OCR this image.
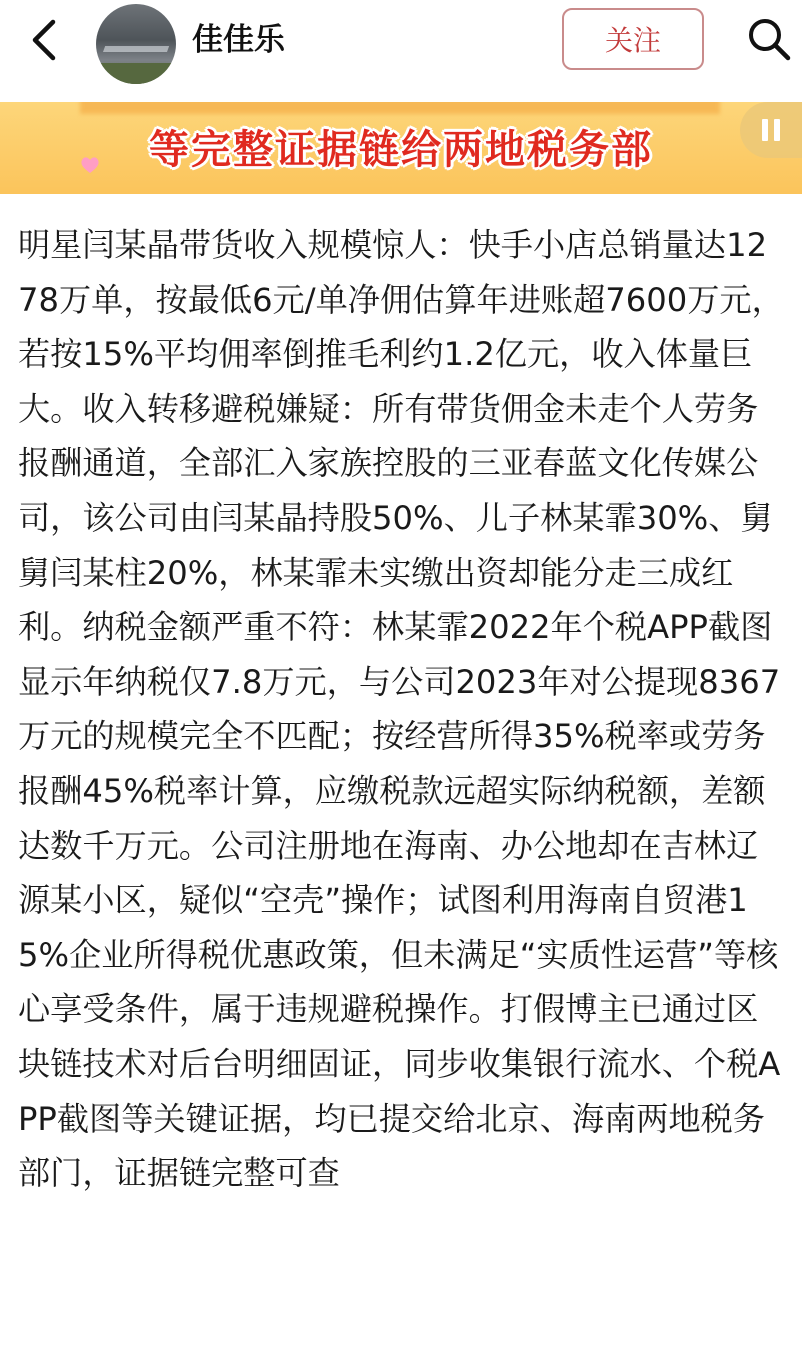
佳佳乐	关注
等完整证据链给两地税务部
明星闫某晶带货收入规模惊人：快手小店总销量达1278万单，按最低6元/单净佣估算年进账超7600万元，若按15%平均佣率倒推毛利约1.2亿元，收入体量巨大。收入转移避税嫌疑：所有带货佣金未走个人劳务报酬通道，全部汇入家族控股的三亚春蓝文化传媒公司，该公司由闫某晶持股50%、儿子林某霏30%、舅舅闫某柱20%，林某霏未实缴出资却能分走三成红利。纳税金额严重不符：林某霏2022年个税APP截图显示年纳税仅7.8万元，与公司2023年对公提现8367万元的规模完全不匹配；按经营所得35%税率或劳务报酬45%税率计算，应缴税款远超实际纳税额，差额达数千万元。公司注册地在海南、办公地却在吉林辽源某小区，疑似“空壳”操作；试图利用海南自贸港15%企业所得税优惠政策，但未满足“实质性运营”等核心享受条件，属于违规避税操作。打假博主已通过区块链技术对后台明细固证，同步收集银行流水、个税APP截图等关键证据，均已提交给北京、海南两地税务部门，证据链完整可查
